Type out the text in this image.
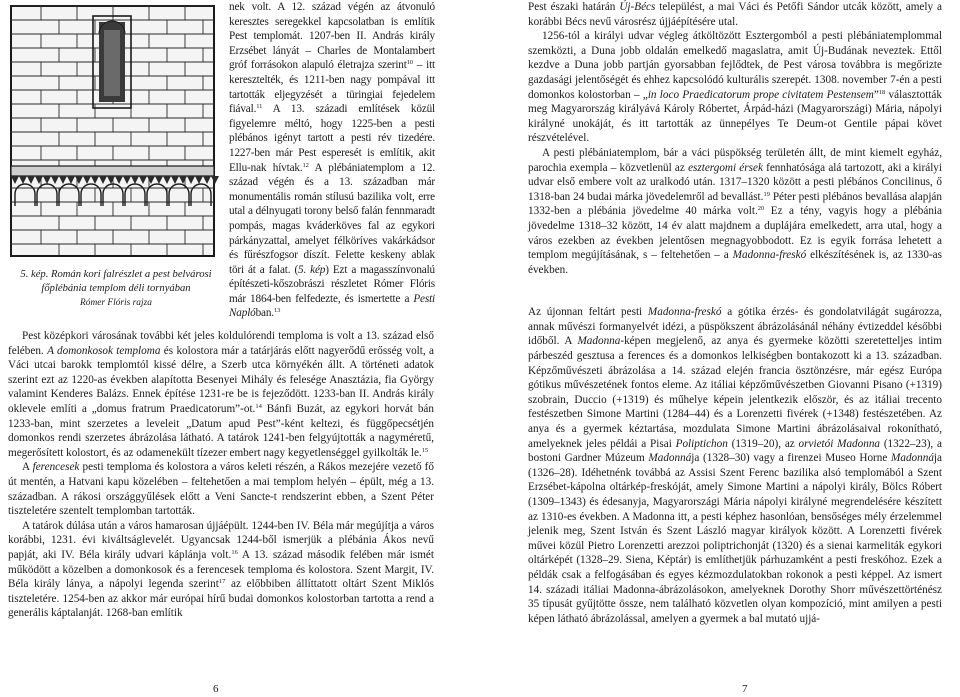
5. kép. Román kori falrészlet a pest belvárosi
főplébánia templom déli tornyában
Rómer Flóris rajza

nek volt. A 12. század végén az átvonuló keresztes seregekkel kapcsolatban is említik Pest templomát. 1207-ben II. András király Erzsébet lányát – Charles de Montalambert gróf forrásokon alapuló életrajza szerint$^{10}$ – itt keresztelték, és 1211-ben nagy pompával itt tartották eljegyzését a türingiai fejedelem fiával.$^{11}$ A 13. századi említések közül figyelemre méltó, hogy 1225-ben a pesti plébános igényt tartott a pesti rév tizedére. 1227-ben már Pest esperesét is említik, akit Ellu-nak hívtak.$^{12}$ A plébániatemplom a 12. század végén és a 13. században már monumentális román stílusú bazilika volt, erre utal a délnyugati torony belső falán fennmaradt pompás, magas kváderköves fal az egykori párkányzattal, amelyet félköríves vakárkádsor és fűrészfogsor díszít. Felette keskeny ablak töri át a falat. (5. kép) Ezt a magasszínvonalú építészeti-kőszobrászi részletet Rómer Flóris már 1864-ben felfedezte, és ismertette a Pesti Naplóban.$^{13}$

Pest középkori városának további két jeles koldulórendi temploma is volt a 13. század első felében. A domonkosok temploma és kolostora már a tatárjárás előtt nagyerődű erősség volt, a Váci utcai barokk templomtól kissé délre, a Szerb utca környékén állt. A történeti adatok szerint ezt az 1220-as években alapította Besenyei Mihály és felesége Anasztázia, fia György valamint Kenderes Balázs. Ennek építése 1231-re be is fejeződött. 1233-ban II. András király oklevele említi a „domus fratrum Praedicatorum”-ot.$^{14}$ Bánfi Buzát, az egykori horvát bán 1233-ban, mint szerzetes a leveleit „Datum apud Pest”-ként keltezi, és függőpecsétjén domonkos rendi szerzetes ábrázolása látható. A tatárok 1241-ben felgyújtották a nagyméretű, megerősített kolostort, és az odamenekült tízezer embert nagy kegyetlenséggel gyilkolták le.$^{15}$

A ferencesek pesti temploma és kolostora a város keleti részén, a Rákos mezejére vezető fő út mentén, a Hatvani kapu közelében – feltehetően a mai templom helyén – épült, még a 13. században. A rákosi országgyűlések előtt a Veni Sancte-t rendszerint ebben, a Szent Péter tiszteletére szentelt templomban tartották.

A tatárok dúlása után a város hamarosan újjáépült. 1244-ben IV. Béla már megújítja a város korábbi, 1231. évi kiváltságlevelét. Ugyancsak 1244-ből ismerjük a plébánia Ákos nevű papját, aki IV. Béla király udvari káplánja volt.$^{16}$ A 13. század második felében már ismét működött a közelben a domonkosok és a ferencesek temploma és kolostora. Szent Margit, IV. Béla király lánya, a nápolyi legenda szerint$^{17}$ az előbbiben állíttatott oltárt Szent Miklós tiszteletére. 1254-ben az akkor már európai hírű budai domonkos kolostorban tartotta a rend a generális káptalanját. 1268-ban említik

6

Pest északi határán Új-Bécs települést, a mai Váci és Petőfi Sándor utcák között, amely a korábbi Bécs nevű városrész újjáépítésére utal.

1256-tól a királyi udvar végleg átköltözött Esztergomból a pesti plébániatemplommal szemközti, a Duna jobb oldalán emelkedő magaslatra, amit Új-Budának neveztek. Ettől kezdve a Duna jobb partján gyorsabban fejlődtek, de Pest városa továbbra is megőrizte gazdasági jelentőségét és ehhez kapcsolódó kulturális szerepét. 1308. november 7-én a pesti domonkos kolostorban – „in loco Praedicatorum prope civitatem Pestensem”$^{18}$ választották meg Magyarország királyává Károly Róbertet, Árpád-házi (Magyarországi) Mária, nápolyi királyné unokáját, és itt tartották az ünnepélyes Te Deum-ot Gentile pápai követ részvételével.

A pesti plébániatemplom, bár a váci püspökség területén állt, de mint kiemelt egyház, parochia exempla – közvetlenül az esztergomi érsek fennhatósága alá tartozott, aki a királyi udvar első embere volt az uralkodó után. 1317–1320 között a pesti plébános Concilinus, ő 1318-ban 24 budai márka jövedelemről ad bevallást.$^{19}$ Péter pesti plébános bevallása alapján 1332-ben a plébánia jövedelme 40 márka volt.$^{20}$ Ez a tény, vagyis hogy a plébánia jövedelme 1318–32 között, 14 év alatt majdnem a duplájára emelkedett, arra utal, hogy a város ezekben az években jelentősen megnagyobbodott. Ez is egyik forrása lehetett a templom megújításának, s – feltehetően – a Madonna-freskó elkészítésének is, az 1330-as években.

Az újonnan feltárt pesti Madonna-freskó a gótika érzés- és gondolatvilágát sugározza, annak művészi formanyelvét idézi, a püspökszent ábrázolásánál néhány évtizeddel későbbi időből. A Madonna-képen megjelenő, az anya és gyermeke közötti szeretetteljes intim párbeszéd gesztusa a ferences és a domonkos lelkiségben bontakozott ki a 13. században. Képzőművészeti ábrázolása a 14. század elején francia ösztönzésre, már egész Európa gótikus művészetének fontos eleme. Az itáliai képzőművészetben Giovanni Pisano (+1319) szobrain, Duccio (+1319) és műhelye képein jelentkezik először, és az itáliai trecento festészetben Simone Martini (1284–44) és a Lorenzetti fivérek (+1348) festészetében. Az anya és a gyermek kéztartása, mozdulata Simone Martini ábrázolásaival rokonítható, amelyeknek jeles példái a Pisai Poliptichon (1319–20), az orvietói Madonna (1322–23), a bostoni Gardner Múzeum Madonnája (1328–30) vagy a firenzei Museo Horne Madonnája (1326–28). Idéhetnénk továbbá az Assisi Szent Ferenc bazilika alsó templomából a Szent Erzsébet-kápolna oltárkép-freskóját, amely Simone Martini a nápolyi király, Bölcs Róbert (1309–1343) és édesanyja, Magyarországi Mária nápolyi királyné megrendelésére készített az 1310-es években. A Madonna itt, a pesti képhez hasonlóan, bensőséges mély érzelemmel jelenik meg, Szent István és Szent László magyar királyok között. A Lorenzetti fivérek művei közül Pietro Lorenzetti arezzoi poliptrichonját (1320) és a sienai karmeliták egykori oltárképét (1328–29. Siena, Képtár) is említhetjük párhuzamként a pesti freskóhoz. Ezek a példák csak a felfogásában és egyes kézmozdulatokban rokonok a pesti képpel. Az ismert 14. századi itáliai Madonna-ábrázolásokon, amelyeknek Dorothy Shorr művészettörténész 35 típusát gyűjtötte össze, nem található közvetlen olyan kompozíció, mint amilyen a pesti képen látható ábrázolással, amelyen a gyermek a bal mutató ujjá-

7
